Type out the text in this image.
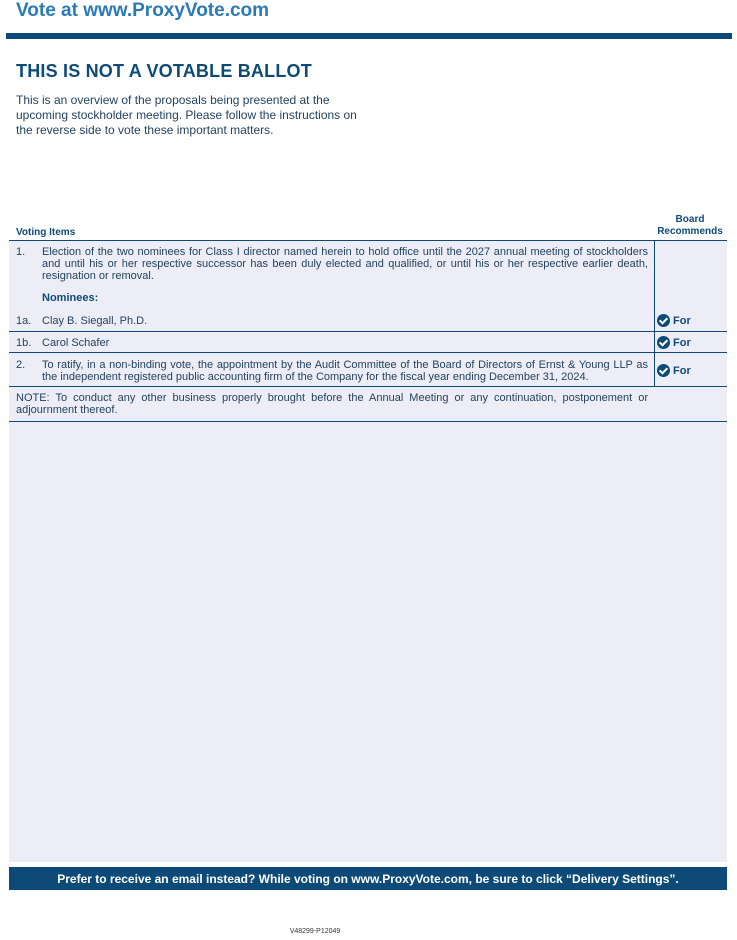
Vote at www.ProxyVote.com
THIS IS NOT A VOTABLE BALLOT
This is an overview of the proposals being presented at the upcoming stockholder meeting. Please follow the instructions on the reverse side to vote these important matters.
Voting Items
Board
Recommends
1. Election of the two nominees for Class I director named herein to hold office until the 2027 annual meeting of stockholders and until his or her respective successor has been duly elected and qualified, or until his or her respective earlier death, resignation or removal.
Nominees:
1a. Clay B. Siegall, Ph.D.	For
1b. Carol Schafer	For
2. To ratify, in a non-binding vote, the appointment by the Audit Committee of the Board of Directors of Ernst & Young LLP as the independent registered public accounting firm of the Company for the fiscal year ending December 31, 2024.
For
NOTE: To conduct any other business properly brought before the Annual Meeting or any continuation, postponement or adjournment thereof.
Prefer to receive an email instead? While voting on www.ProxyVote.com, be sure to click “Delivery Settings”.
V48299-P12049
